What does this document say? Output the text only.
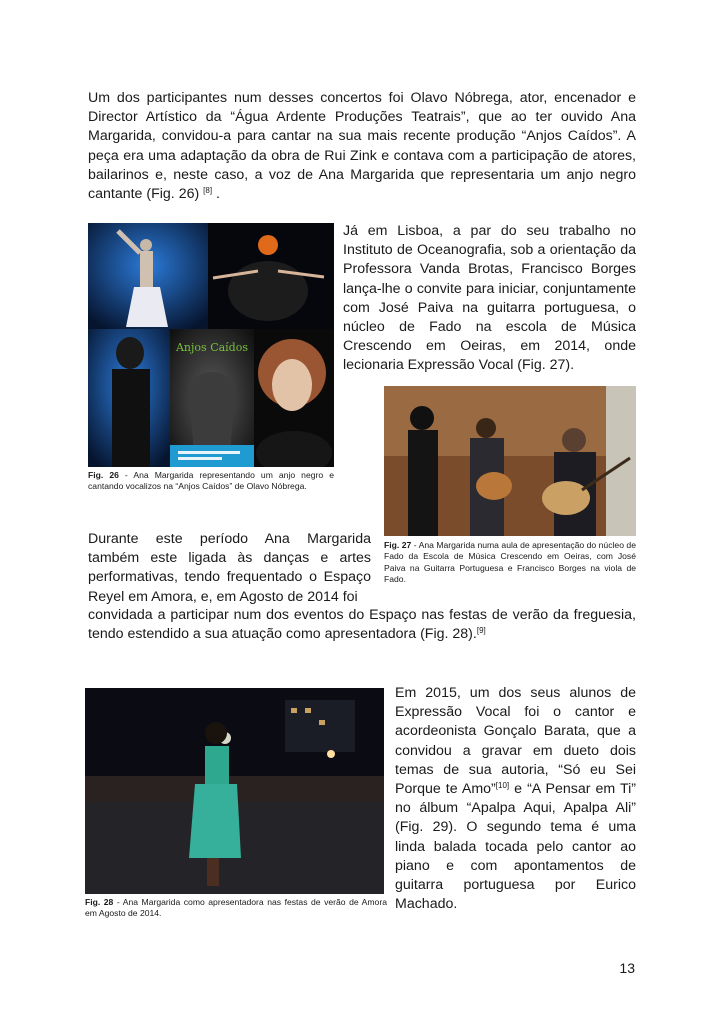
Um dos participantes num desses concertos foi Olavo Nóbrega, ator, encenador e Director Artístico da “Água Ardente Produções Teatrais”, que ao ter ouvido Ana Margarida, convidou-a para cantar na sua mais recente produção “Anjos Caídos”. A peça era uma adaptação da obra de Rui Zink e contava com a participação de atores, bailarinos e, neste caso, a voz de Ana Margarida que representaria um anjo negro cantante (Fig. 26) [8] .

Anjos Caídos

Fig. 26 - Ana Margarida representando um anjo negro e cantando vocalizos na “Anjos Caídos” de Olavo Nóbrega.

Já em Lisboa, a par do seu trabalho no Instituto de Oceanografia, sob a orientação da Professora Vanda Brotas, Francisco Borges lança-lhe o convite para iniciar, conjuntamente com José Paiva na guitarra portuguesa, o núcleo de Fado na escola de Música Crescendo em Oeiras, em 2014, onde lecionaria Expressão Vocal (Fig. 27).

Fig. 27 - Ana Margarida numa aula de apresentação do núcleo de Fado da Escola de Música Crescendo em Oeiras, com José Paiva na Guitarra Portuguesa e Francisco Borges na viola de Fado.

Durante este período Ana Margarida também este ligada às danças e artes performativas, tendo frequentado o Espaço Reyel em Amora, e, em Agosto de 2014 foi

convidada a participar num dos eventos do Espaço nas festas de verão da freguesia, tendo estendido a sua atuação como apresentadora (Fig. 28).[9]

Fig. 28 - Ana Margarida como apresentadora nas festas de verão de Amora em Agosto de 2014.

Em 2015, um dos seus alunos de Expressão Vocal foi o cantor e acordeonista Gonçalo Barata, que a convidou a gravar em dueto dois temas de sua autoria, “Só eu Sei Porque te Amo”[10] e “A Pensar em Ti” no álbum “Apalpa Aqui, Apalpa Ali” (Fig. 29). O segundo tema é uma linda balada tocada pelo cantor ao piano e com apontamentos de guitarra portuguesa por Eurico Machado.

13
